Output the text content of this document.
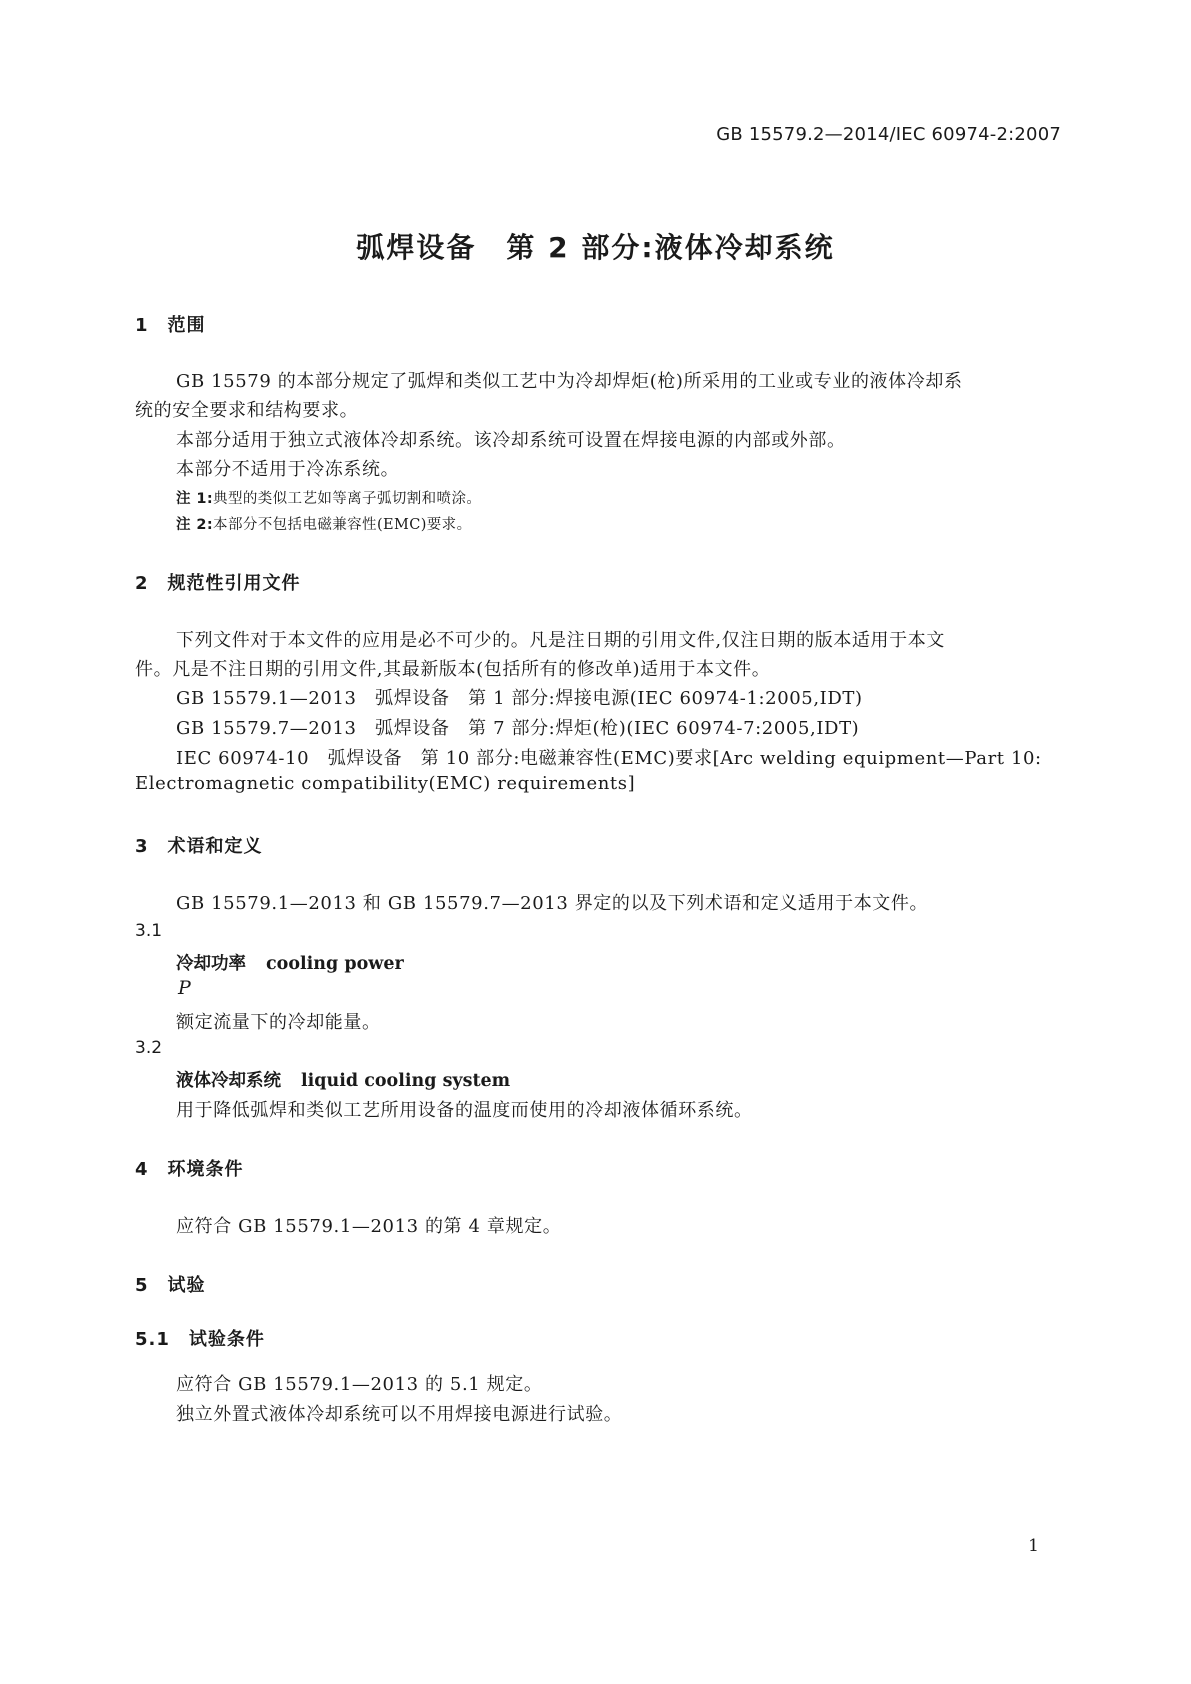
GB 15579.2—2014/IEC 60974-2:2007
弧焊设备　第 2 部分:液体冷却系统
1　范围
GB 15579 的本部分规定了弧焊和类似工艺中为冷却焊炬(枪)所采用的工业或专业的液体冷却系
统的安全要求和结构要求。
本部分适用于独立式液体冷却系统。该冷却系统可设置在焊接电源的内部或外部。
本部分不适用于冷冻系统。
注 1:典型的类似工艺如等离子弧切割和喷涂。
注 2:本部分不包括电磁兼容性(EMC)要求。
2　规范性引用文件
下列文件对于本文件的应用是必不可少的。凡是注日期的引用文件,仅注日期的版本适用于本文
件。凡是不注日期的引用文件,其最新版本(包括所有的修改单)适用于本文件。
GB 15579.1—2013　弧焊设备　第 1 部分:焊接电源(IEC 60974-1:2005,IDT)
GB 15579.7—2013　弧焊设备　第 7 部分:焊炬(枪)(IEC 60974-7:2005,IDT)
IEC 60974-10　弧焊设备　第 10 部分:电磁兼容性(EMC)要求[Arc welding equipment—Part 10:
Electromagnetic compatibility(EMC) requirements]
3　术语和定义
GB 15579.1—2013 和 GB 15579.7—2013 界定的以及下列术语和定义适用于本文件。
3.1
冷却功率 cooling power
P
额定流量下的冷却能量。
3.2
液体冷却系统 liquid cooling system
用于降低弧焊和类似工艺所用设备的温度而使用的冷却液体循环系统。
4　环境条件
应符合 GB 15579.1—2013 的第 4 章规定。
5　试验
5.1　试验条件
应符合 GB 15579.1—2013 的 5.1 规定。
独立外置式液体冷却系统可以不用焊接电源进行试验。
1
